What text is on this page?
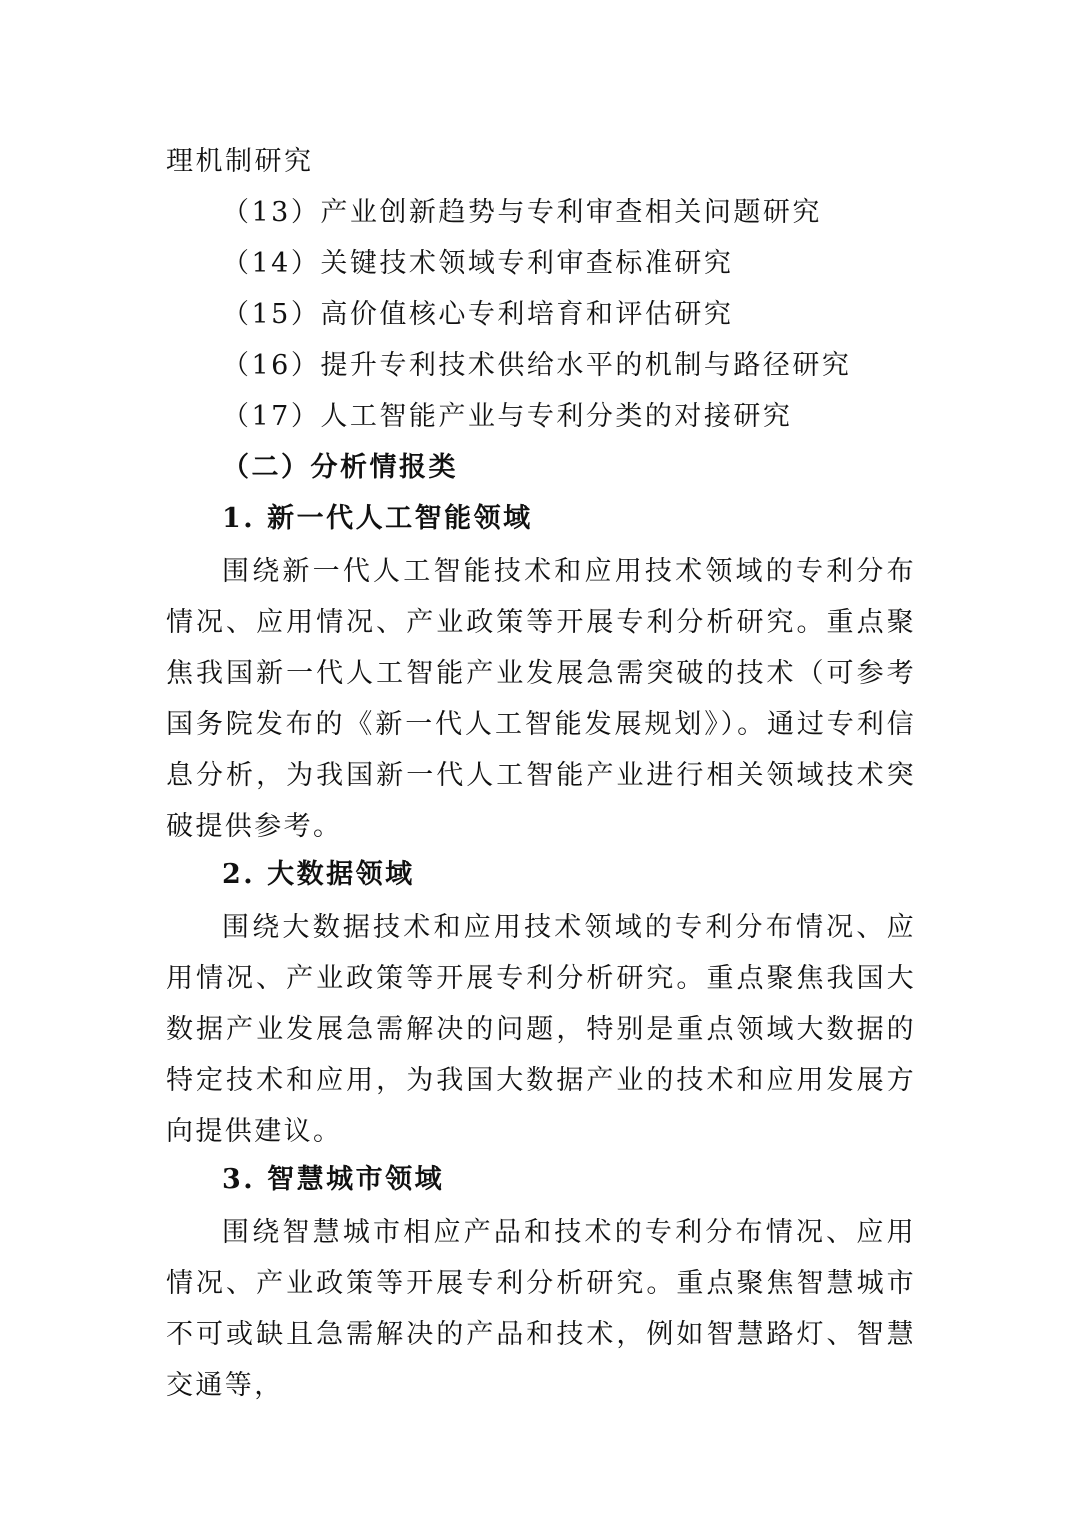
理机制研究
（13）产业创新趋势与专利审查相关问题研究
（14）关键技术领域专利审查标准研究
（15）高价值核心专利培育和评估研究
（16）提升专利技术供给水平的机制与路径研究
（17）人工智能产业与专利分类的对接研究
（二）分析情报类
1. 新一代人工智能领域
围绕新一代人工智能技术和应用技术领域的专利分布情况、应用情况、产业政策等开展专利分析研究。重点聚焦我国新一代人工智能产业发展急需突破的技术（可参考国务院发布的《新一代人工智能发展规划》）。通过专利信息分析，为我国新一代人工智能产业进行相关领域技术突破提供参考。
2. 大数据领域
围绕大数据技术和应用技术领域的专利分布情况、应用情况、产业政策等开展专利分析研究。重点聚焦我国大数据产业发展急需解决的问题，特别是重点领域大数据的特定技术和应用，为我国大数据产业的技术和应用发展方向提供建议。
3. 智慧城市领域
围绕智慧城市相应产品和技术的专利分布情况、应用情况、产业政策等开展专利分析研究。重点聚焦智慧城市不可或缺且急需解决的产品和技术，例如智慧路灯、智慧交通等，
